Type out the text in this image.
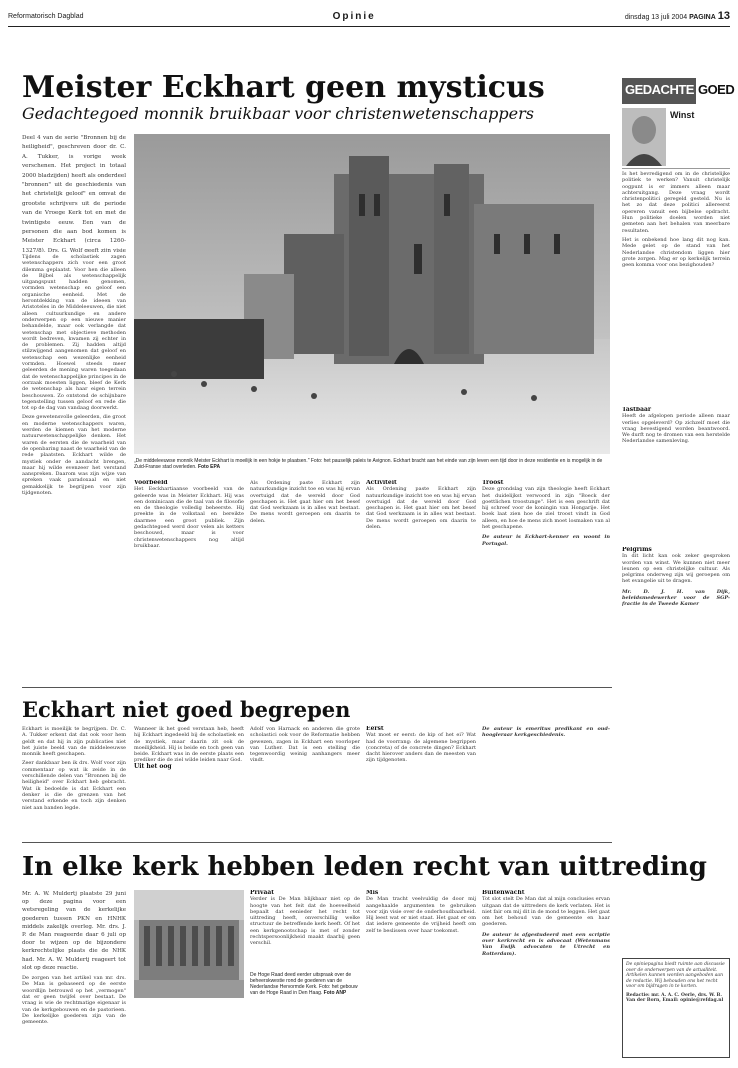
Reformatorisch Dagblad	Opinie	dinsdag 13 juli 2004 PAGINA 13
Meister Eckhart geen mysticus
Gedachtegoed monnik bruikbaar voor christenwetenschappers
Deel 4 van de serie "Bronnen bij de heiligheid", geschreven door dr. C. A. Tukker, is vorige week verschenen. Het project in totaal 2000 bladzijden) heeft als onderdeel "bronnen" uit de geschiedenis van het christelijk geloof" en omvat de grootste schrijvers uit de periode van de Vroege Kerk tot en met de twintigste eeuw. Een van de personen die aan bod komen is Meister Eckhart (circa 1260-1327/8). Drs. G. Wolf geeft zijn visie
Tijdens de scholastiek zagen wetenschappers zich voor een groot dilemma geplaatst. Voor hen die alleen de Bijbel als wetenschappelijk uitgangspunt hadden genomen, vormden wetenschap en geloof een organische eenheid. Met de herontdekking van de ideeen van Aristoteles in de Middeleeuwen, die niet alleen cultuurkundige en andere onderwerpen op een nieuwe manier behandelde, maar ook verlangde dat wetenschap met objectieve methoden wordt bedreven, kwamen zij echter in de problemen. Zij hadden altijd stilzwijgend aangenomen dat geloof en wetenschap een wezenlijke eenheid vormden. Hoewel steeds meer geleerden de mening waren toegedaan dat de wetenschappelijke principes in de oorzaak moesten liggen, bleef de Kerk de wetenschap als haar eigen terrein beschouwen. Zo ontstond de schijnbare tegenstelling tussen geloof en rede die tot op de dag van vandaag doorwerkt.
Deze gewetensvolle geleerden, die groot en moderne wetenschappers waren, werden de kiemen van het moderne natuurwetenschappelijke denken. Het waren de eersten die de waarheid van de openbaring naast de waarheid van de rede plaatsten. Eckhart wilde de mystiek onder de aandacht brengen, maar hij wilde evenzeer het verstand aanspreken. Daarom was zijn wijze van spreken vaak paradoxaal en niet gemakkelijk te begrijpen voor zijn tijdgenoten.
„De middeleeuwse monnik Meister Eckhart is moeilijk in een hokje te plaatsen." Foto: het pauselijk paleis te Avignon. Eckhart bracht aan het einde van zijn leven een tijd door in deze residentie en is mogelijk in de Zuid-Franse stad overleden. Foto EPA
Voorbeeld
Het Eeckhartiaanse voorbeeld van de geleerde was in Meister Eckhart. Hij was een dominicaan die de taal van de filosofie en de theologie volledig beheerste. Hij preekte in de volkstaal en bereikte daarmee een groot publiek. Zijn gedachtegoed werd door velen als ketters beschouwd, maar is voor christenwetenschappers nog altijd bruikbaar.
Als Ordening paste Eckhart zijn natuurkundige inzicht toe en was hij ervan overtuigd dat de wereld door God geschapen is. Het gaat hier om het besef dat God werkzaam is in alles wat bestaat. De mens wordt geroepen om daarin te delen.
Activiteit
Als Ordening paste Eckhart zijn natuurkundige inzicht toe en was hij ervan overtuigd dat de wereld door God geschapen is. Het gaat hier om het besef dat God werkzaam is in alles wat bestaat. De mens wordt geroepen om daarin te delen.
Troost
Deze grondslag van zijn theologie heeft Eckhart het duidelijkst verwoord in zijn "Boeck der goettlichen troostunge". Het is een geschrift dat hij schreef voor de koningin van Hongarije. Het boek laat zien hoe de ziel troost vindt in God alleen, en hoe de mens zich moet losmaken van al het geschapene.
De auteur is Eckhart-kenner en woont in Portugal.
Eckhart niet goed begrepen
Eckhart is moeilijk te begrijpen. Dr. C. A. Tukker erkent dat dat ook voor hem geldt en dat hij in zijn publicaties niet het juiste beeld van de middeleeuwse monnik heeft geschapen.
Zeer dankbaar ben ik drs. Wolf voor zijn commentaar op wat ik zeide in de verschillende delen van "Bronnen bij de heiligheid" over Eckhart heb gebracht. Wat ik bedoelde is dat Eckhart een denker is die de grenzen van het verstand erkende en toch zijn denken niet aan banden legde.
Wanneer ik het goed verstaan heb, heeft hij Eckhart ingedeeld bij de scholastiek en de mystiek, maar daarin zit ook de moeilijkheid. Hij is beide en toch geen van beide. Eckhart was in de eerste plaats een prediker die de ziel wilde leiden naar God.
Uit het oog
Adolf von Harnack en anderen die grote scholastici ook voor de Reformatie hebben gewezen, zagen in Eckhart een voorloper van Luther. Dat is een stelling die tegenwoordig weinig aanhangers meer vindt.
Eerst
Wat moet er eerst: de kip of het ei? Wat had de voorrang: de algemene begrippen (concreta) of de concrete dingen? Eckhart dacht hierover anders dan de meesten van zijn tijdgenoten.
De auteur is emeritus predikant en oud-hoogleraar kerkgeschiedenis.
In elke kerk hebben leden recht van uittreding
Mr. A. W. Muldertj plaatste 29 juni op deze pagina voor een wetsregeling van de kerkelijke goederen tussen PKN en HNHK middels zakelijk overleg. Mr. drs. J. P. de Man reageerde daar 6 juli op door te wijzen op de bijzondere kerkrechtelijke plaats die de NHK had. Mr. A. W. Muldertj reageert tot slot op deze reactie.
De zorgen van het artikel van mr. drs. De Man is gebaseerd op de eerste woordlijn betrouwd op het „vermogen" dat er geen twijfel over bestaat. De vraag is wie de rechtmatige eigenaar is van de kerkgebouwen en de pastorieen. De kerkelijke goederen zijn van de gemeente.
De Hoge Raad deed eerder uitspraak over de beheerskwestie rond de goederen van de Nederlandse Hervormde Kerk. Foto: het gebouw van de Hoge Raad in Den Haag. Foto ANP
Privaat
Verder is De Man blijkbaar niet op de hoogte van het feit dat de hoeveelheid bepaalt dat eenieder het recht tot uittreding heeft, onverschillig welke structuur de betreffende kerk heeft. Of het een kerkgenootschap is met of zonder rechtspersoonlijkheid maakt daarbij geen verschil.
Mis
De Man tracht veelvuldig de door mij aangehaalde argumenten te gebruiken voor zijn visie over de onderhoudbaarheid. Hij leest wat er niet staat. Het gaat er om dat iedere gemeente de vrijheid heeft om zelf te beslissen over haar toekomst.
Buitenwacht
Tot slot stelt De Man dat al mijn conclusies ervan uitgaan dat de uittreders de kerk verlaten. Het is niet fair om mij dit in de mond te leggen. Het gaat om het behoud van de gemeente en haar goederen.
De auteur is afgestudeerd met een scriptie over kerkrecht en is advocaat (Wetenmans Van Ewijk advocaten te Utrecht en Rotterdam).
GEDACHTE GOED
Winst
Is het bevredigend om in de christelijke politiek te werken? Vanuit christelijk oogpunt is er immers alleen maar achteruitgang. Deze vraag wordt christenpolitici geregeld gesteld. Nu is het zo dat deze politici allereerst opereren vanuit een bijbelse opdracht. Hun politieke doelen worden niet gemeten aan het behalen van meerbare resultaten.
Het is onbekend hoe lang dit nog kan. Mede gelet op de stand van het Nederlandse christendom liggen hier grote zorgen. Mag er op kerkelijk terrein geen komma voor ons bezighouden?
Tastbaar
Heeft de afgelopen periode alleen maar verlies opgeleverd? Op zichzelf moet die vraag bevestigend worden beantwoord. We durft nog te dromen van een herstelde Nederlandse samenleving.
Pelgrims
In dit licht kan ook zeker gesproken worden van winst. We kunnen niet meer leunen op een christelijke cultuur. Als pelgrims onderweg zijn wij geroepen om het evangelie uit te dragen.
Mr. D. J. H. van Dijk, beleidsmedewerker voor de SGP-fractie in de Tweede Kamer
De opiniepagina biedt ruimte aan discussie over de onderwerpen van de actualiteit. Artikelen kunnen worden aangeboden aan de redactie. Wij behouden ons het recht voor om bijdragen in te korten.
Redactie: mr. A. A. C. Oerle, drs. W. B. Van der Born, Email: opinie@refdag.nl
